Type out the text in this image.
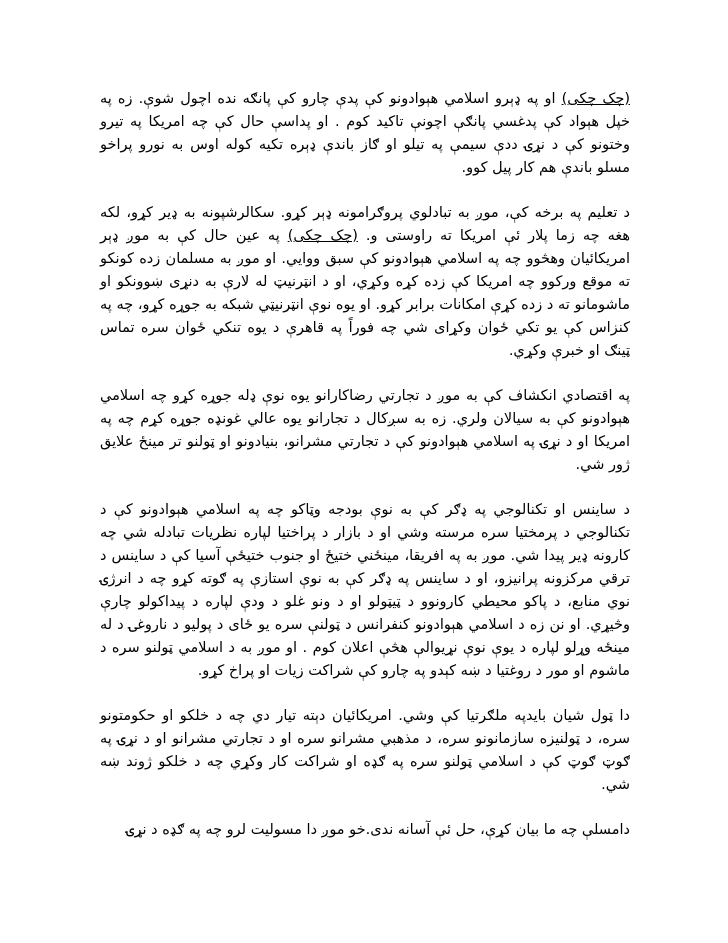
(چک چکی) او په ډېرو اسلامي هېوادونو کې پدې چارو کې پانګه نده اچول شوې. زه په خپل هېواد کې پدغسي پانګې اچونې تاکید کوم . او پداسې حال کې چه امریکا په تیرو وختونو کې د نړۍ ددې سیمې په تیلو او ګاز باندې ډېره تکیه کوله اوس به نورو پراخو مسلو باندې هم کار پیل کوو.

د تعلیم په برخه کې، موږ به تبادلوي پروګرامونه ډېر کړو. سکالرشپونه به ډیر کړو، لکه هغه چه زما پلار ئې امریکا ته راوستی و. (چک چکی) په عین حال کې به موږ ډېر امریکائیان وهڅوو چه په اسلامي هېوادونو کې سبق ووايي. او موږ به مسلمان زده کونکو ته موقع ورکوو چه امریکا کې زده کړه وکړي، او د انټرنیټ له لارې به دنړی ښوونکو او ماشومانو ته د زده کړې امکانات برابر کړو. او یوه نوې انټرنیټي شبکه به جوړه کړو، چه په کنزاس کې یو تکي ځوان وکړای شي چه فوراً په قاهرې د یوه تنکي ځوان سره تماس ټینګ او خبرې وکړي.

په اقتصادي انکشاف کې به موږ د تجارتي رضاکارانو یوه نوې ډله جوړه کړو چه اسلامي هېوادونو کې به سیالان ولري. زه به سږکال د تجارانو یوه عالي غونډه جوړه کړم چه په امریکا او د نړۍ په اسلامي هېوادونو کې د تجارتي مشرانو، بنیادونو او ټولنو تر مینځ علایق ژور شي.

د ساینس او تکنالوجي په ډګر کې به نوې بودجه وټاکو چه په اسلامي هېوادونو کې د تکنالوجي د پرمختیا سره مرسته وشي او د بازار د پراختیا لپاره نظریات تبادله شي چه کارونه ډیر پیدا شي. موږ به په افریقا، مینځني ختیځ او جنوب ختیځې آسیا کې د ساینس د ترقي مرکزونه پرانیزو، او د ساینس په ډګر کې به نوې استازې په ګوته کړو چه د انرژۍ نوي منابع، د پاکو محیطي کارونوو د ټیټولو او د ونو غلو د ودې لپاره د پیداکولو چارې وڅیړي. او نن زه د اسلامي هېوادونو کنفرانس د ټولنې سره یو ځای د پولیو د ناروغۍ د له مینځه وړلو لپاره د یوې نوې نړیوالې هڅې اعلان کوم . او موږ به د اسلامي ټولنو سره د ماشوم او مور د روغتیا د ښه کېدو په چارو کې شراکت زیات او پراخ کړو.

دا ټول شیان بایدپه ملګرتیا کې وشي. امریکائیان دېته تیار دي چه د خلکو او حکومتونو سره، د ټولنیزه سازمانونو سره، د مذهبي مشرانو سره او د تجارتي مشرانو او د نړۍ په ګوټ ګوټ کې د اسلامي ټولنو سره په ګډه او شراکت کار وکړي چه د خلکو ژوند ښه شي.

دامسلې چه ما بیان کړې، حل ئې آسانه ندی.خو موږ دا مسولیت لرو چه په ګډه د نړۍ
